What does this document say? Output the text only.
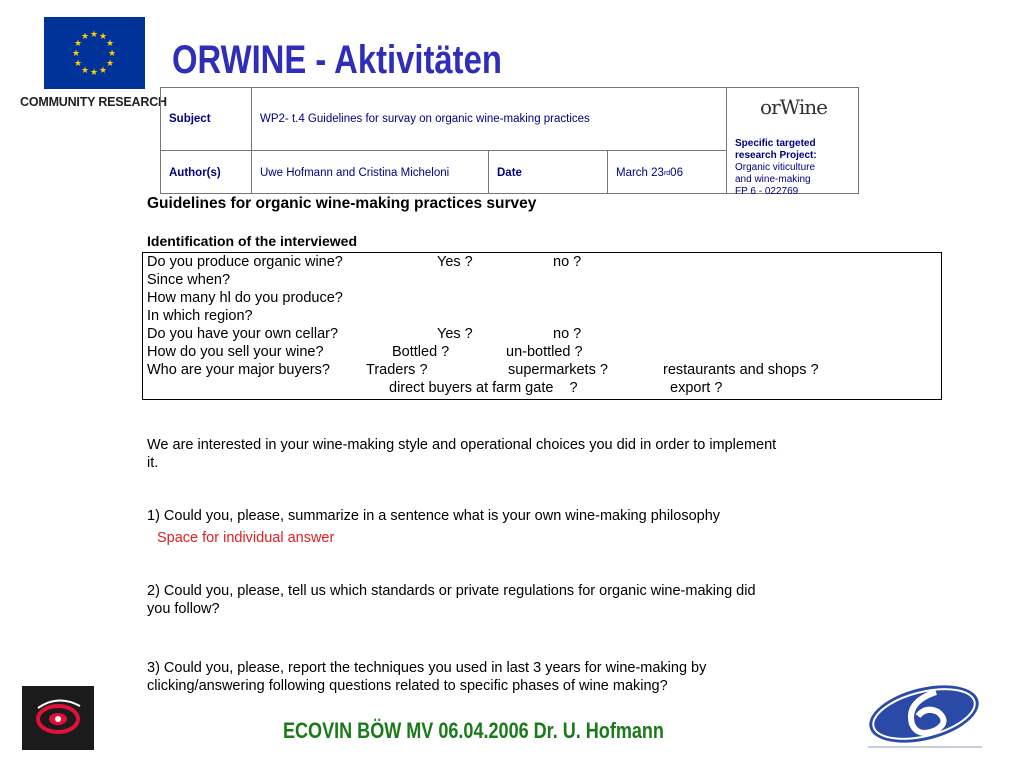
★ ★
★
★
★
★
★
★
★
★
★
★
COMMUNITY RESEARCH
ORWINE - Aktivitäten
Subject	WP2- t.4 Guidelines for survay on organic wine-making practices
Author(s)	Uwe Hofmann and Cristina Micheloni	Date	March 23 rd 06
orWine
Specific targeted research Project:
Organic viticulture
and wine-making
FP 6 - 022769
Guidelines for organic wine-making practices survey
Identification of the interviewed
Do you produce organic wine?	Yes ?	no ?
Since when?
How many hl do you produce?
In which region?
Do you have your own cellar?	Yes ?	no ?
How do you sell your wine?	Bottled ?	un-bottled ?
Who are your major buyers? Traders ?	supermarkets ?	restaurants and shops ?
direct buyers at farm gate    ?	export ?
We are interested in your wine-making style and operational choices you did in order to implement
it.
1) Could you, please, summarize in a sentence what is your own wine-making philosophy
Space for individual answer
2) Could you, please, tell us which standards or private regulations for organic wine-making did
you follow?
3) Could you, please, report the techniques you used in last 3 years for wine-making by
clicking/answering following questions related to specific phases of wine making?
ECOVIN BÖW MV 06.04.2006 Dr. U. Hofmann
